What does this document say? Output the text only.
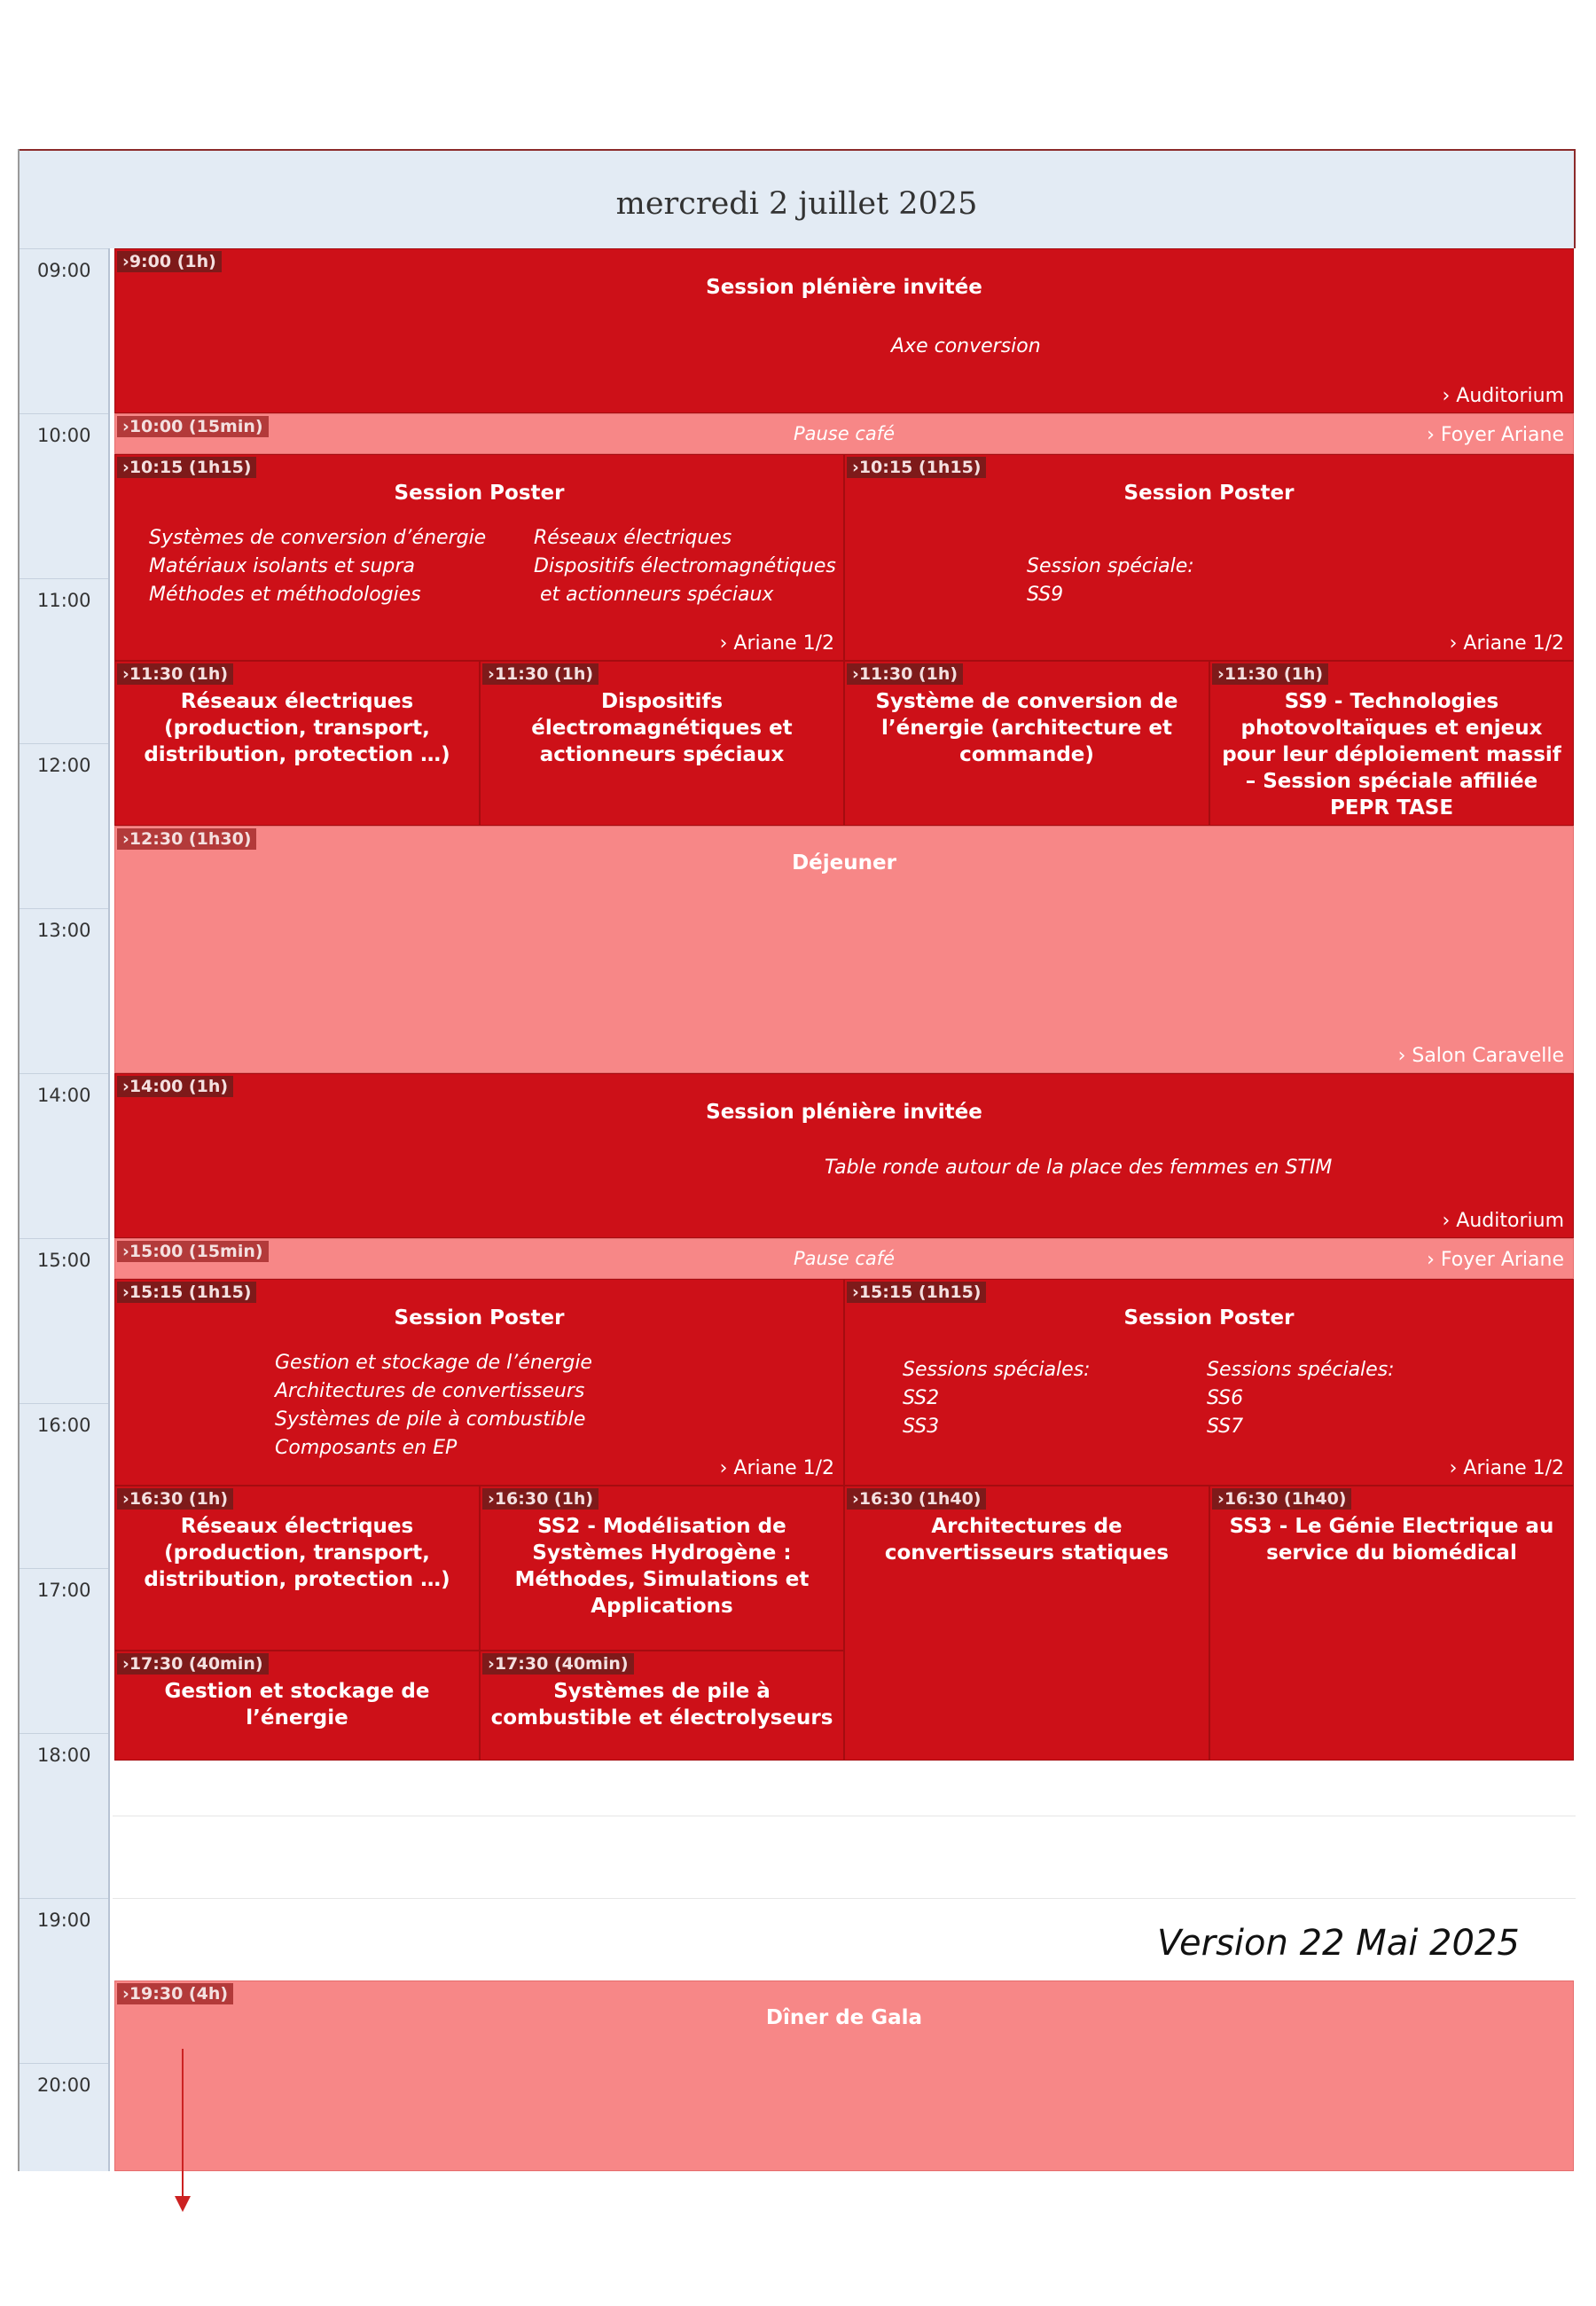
mercredi 2 juillet 2025
09:00
10:00
11:00
12:00
13:00
14:00
15:00
16:00
17:00
18:00
19:00
20:00
›9:00 (1h)
Session plénière invitée
Axe conversion
› Auditorium
›10:00 (15min)	Pause café	› Foyer Ariane
›10:15 (1h15)
Session Poster
Systèmes de conversion d’énergie
Matériaux isolants et supra
Méthodes et méthodologies
Réseaux électriques
Dispositifs électromagnétiques
et actionneurs spéciaux
› Ariane 1/2
›10:15 (1h15)
Session Poster
Session spéciale:
SS9
› Ariane 1/2
›11:30 (1h)
Réseaux électriques (production, transport, distribution, protection …)
›11:30 (1h)
Dispositifs électromagnétiques et actionneurs spéciaux
›11:30 (1h)
Système de conversion de l’énergie (architecture et commande)
›11:30 (1h)
SS9 - Technologies photovoltaïques et enjeux pour leur déploiement massif – Session spéciale affiliée PEPR TASE
›12:30 (1h30)
Déjeuner
› Salon Caravelle
›14:00 (1h)
Session plénière invitée
Table ronde autour de la place des femmes en STIM
› Auditorium
›15:00 (15min)	Pause café	› Foyer Ariane
›15:15 (1h15)
Session Poster
Gestion et stockage de l’énergie
Architectures de convertisseurs
Systèmes de pile à combustible
Composants en EP
› Ariane 1/2
›15:15 (1h15)
Session Poster
Sessions spéciales:
SS2
SS3
Sessions spéciales:
SS6
SS7
› Ariane 1/2
›16:30 (1h)
Réseaux électriques (production, transport, distribution, protection …)
›16:30 (1h)
SS2 - Modélisation de Systèmes Hydrogène : Méthodes, Simulations et Applications
›16:30 (1h40)
Architectures de convertisseurs statiques
›16:30 (1h40)
SS3 - Le Génie Electrique au service du biomédical
›17:30 (40min)
Gestion et stockage de l’énergie
›17:30 (40min)
Systèmes de pile à combustible et électrolyseurs
›19:30 (4h)
Dîner de Gala
Version 22 Mai 2025
